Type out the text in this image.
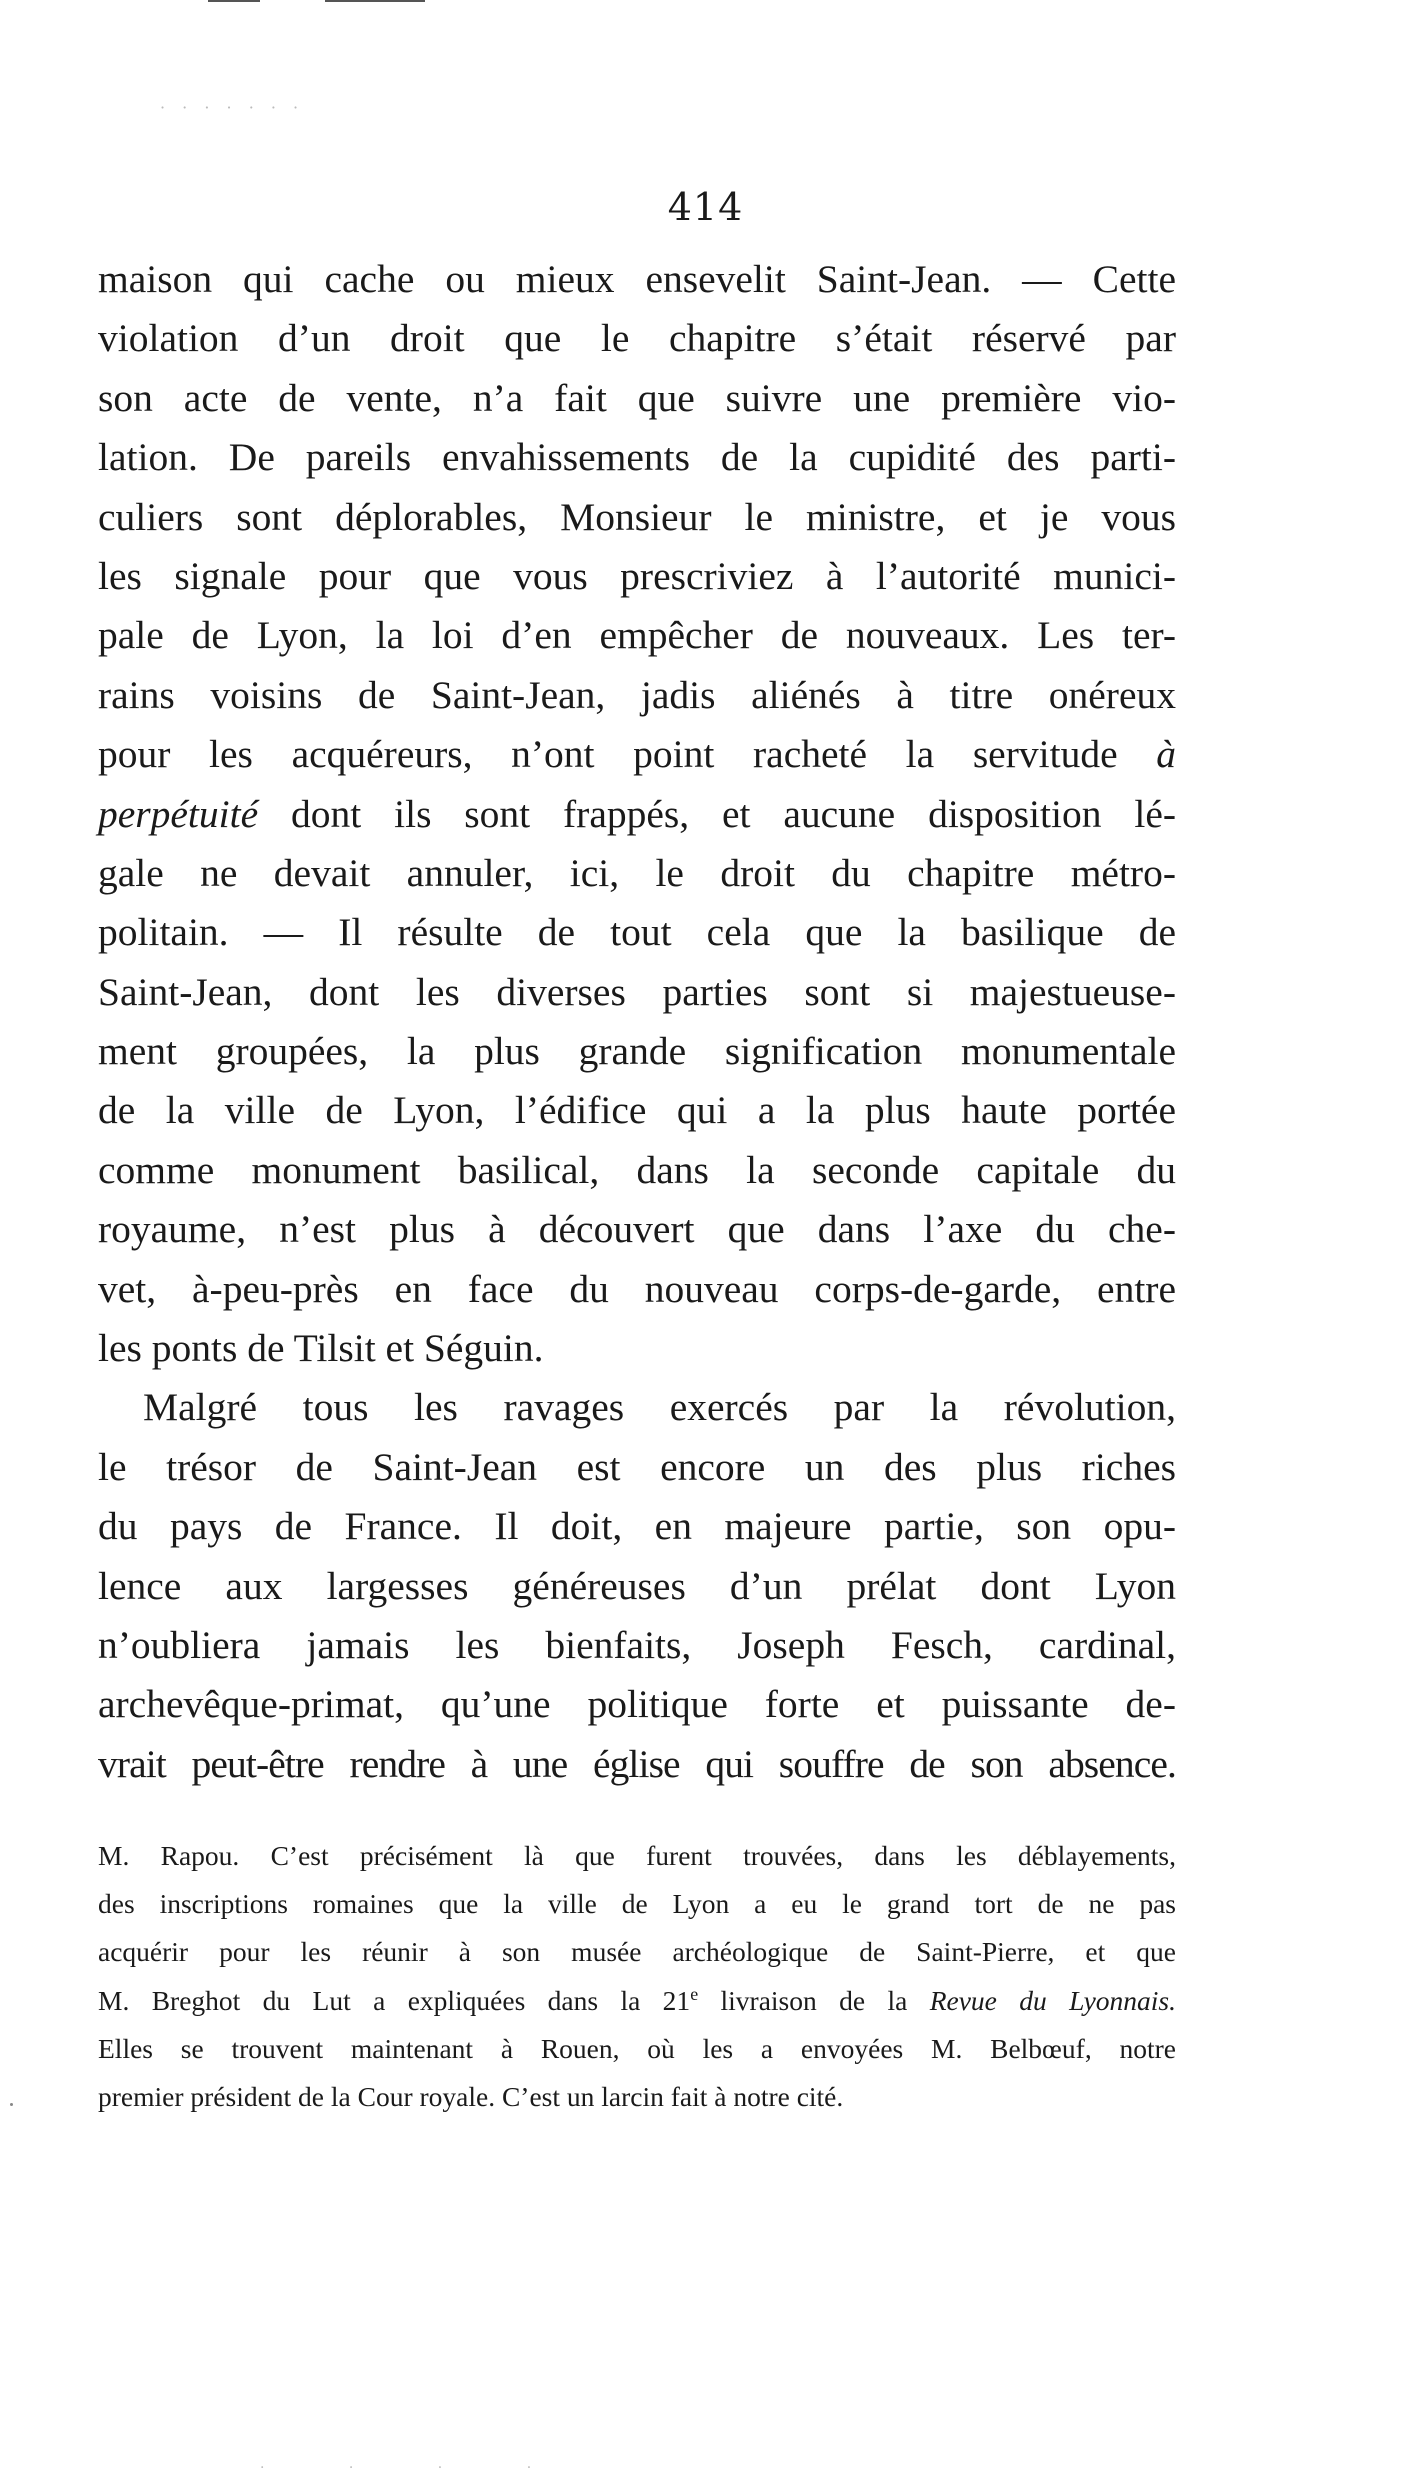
· · · · · · ·
414
maison qui cache ou mieux ensevelit Saint-Jean. — Cette
violation d’un droit que le chapitre s’était réservé par
son acte de vente, n’a fait que suivre une première vio-
lation. De pareils envahissements de la cupidité des parti-
culiers sont déplorables, Monsieur le ministre, et je vous
les signale pour que vous prescriviez à l’autorité munici-
pale de Lyon, la loi d’en empêcher de nouveaux. Les ter-
rains voisins de Saint-Jean, jadis aliénés à titre onéreux
pour les acquéreurs, n’ont point racheté la servitude à
perpétuité dont ils sont frappés, et aucune disposition lé-
gale ne devait annuler, ici, le droit du chapitre métro-
politain. — Il résulte de tout cela que la basilique de
Saint-Jean, dont les diverses parties sont si majestueuse-
ment groupées, la plus grande signification monumentale
de la ville de Lyon, l’édifice qui a la plus haute portée
comme monument basilical, dans la seconde capitale du
royaume, n’est plus à découvert que dans l’axe du che-
vet, à-peu-près en face du nouveau corps-de-garde, entre
les ponts de Tilsit et Séguin.
Malgré tous les ravages exercés par la révolution,
le trésor de Saint-Jean est encore un des plus riches
du pays de France. Il doit, en majeure partie, son opu-
lence aux largesses généreuses d’un prélat dont Lyon
n’oubliera jamais les bienfaits, Joseph Fesch, cardinal,
archevêque-primat, qu’une politique forte et puissante de-
vrait peut-être rendre à une église qui souffre de son absence.
M. Rapou. C’est précisément là que furent trouvées, dans les déblayements,
des inscriptions romaines que la ville de Lyon a eu le grand tort de ne pas
acquérir pour les réunir à son musée archéologique de Saint-Pierre, et que
M. Breghot du Lut a expliquées dans la 21e livraison de la Revue du Lyonnais.
Elles se trouvent maintenant à Rouen, où les a envoyées M. Belbœuf, notre
premier président de la Cour royale. C’est un larcin fait à notre cité.
· · · ·
